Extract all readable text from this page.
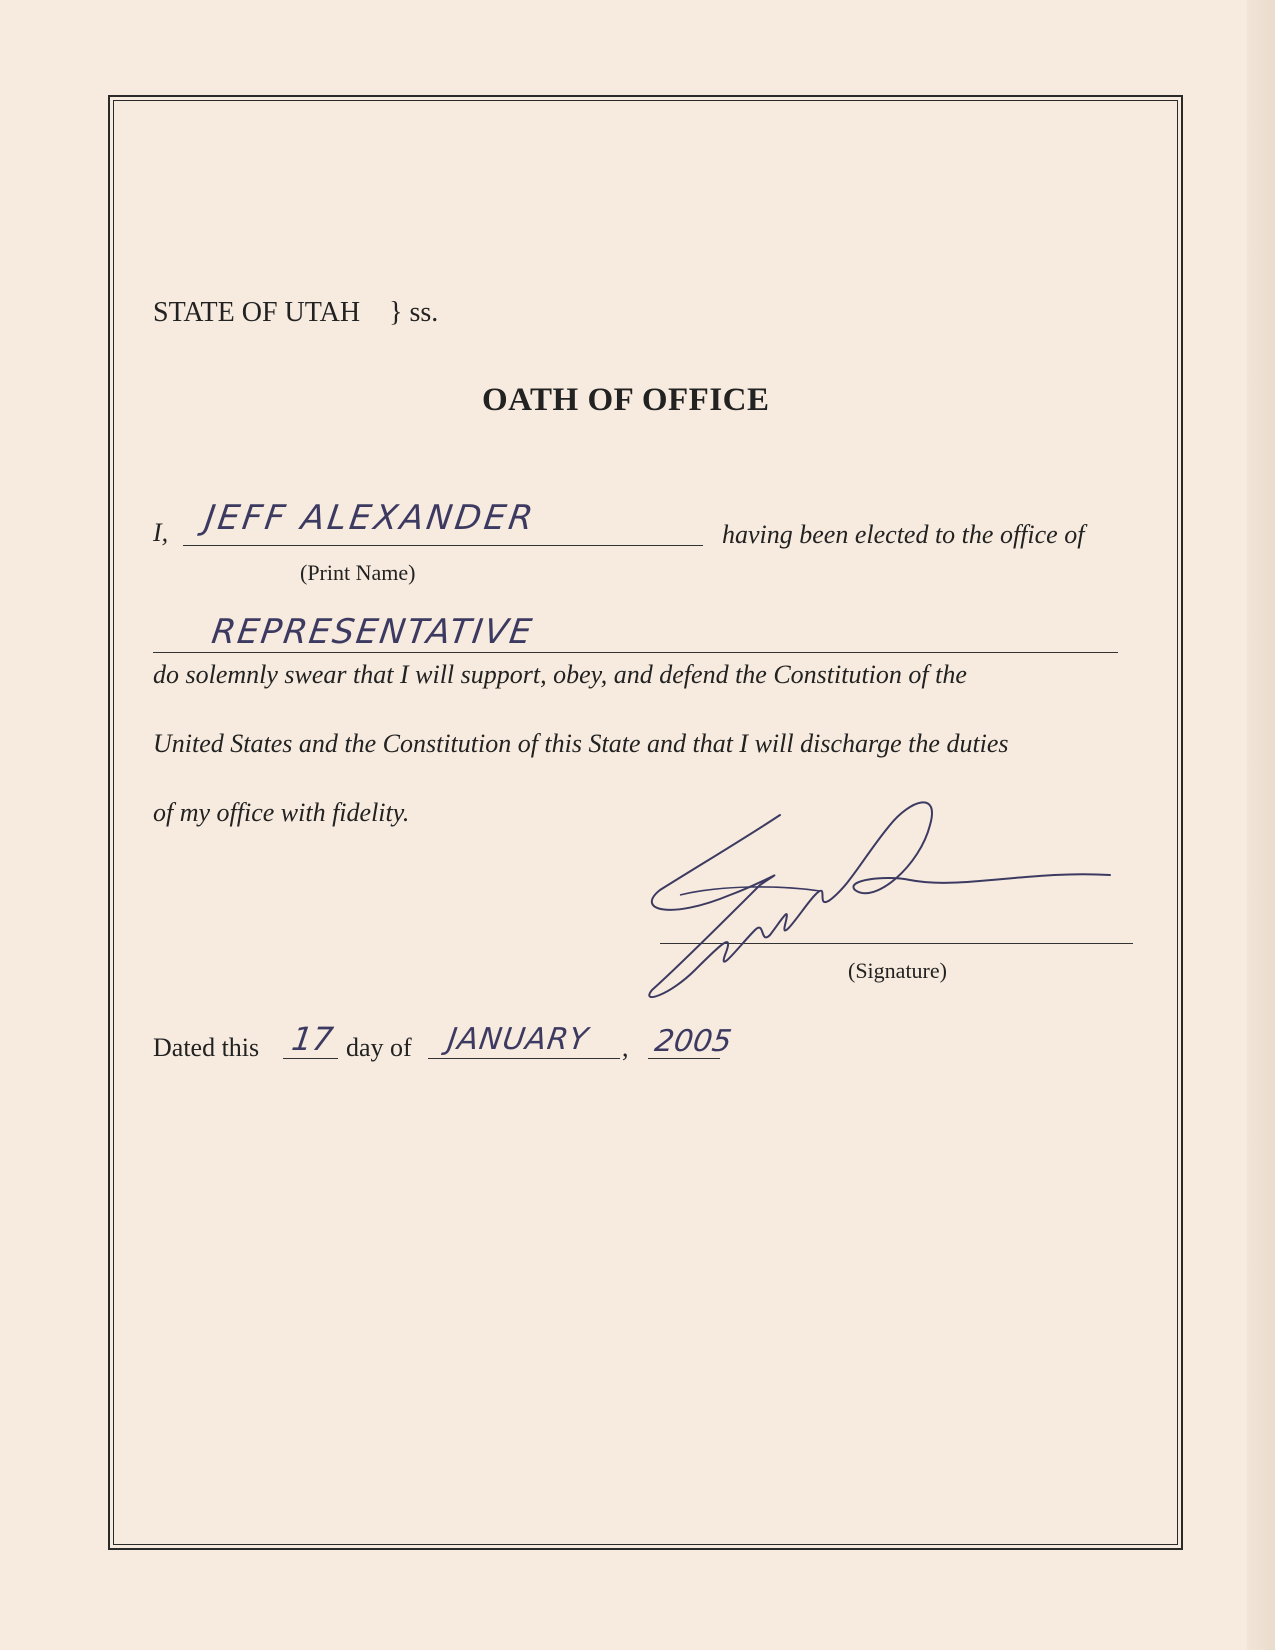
STATE OF UTAH } ss.
OATH OF OFFICE
I, JEFF ALEXANDER	having been elected to the office of
(Print Name)
REPRESENTATIVE
do solemnly swear that I will support, obey, and defend the Constitution of the
United States and the Constitution of this State and that I will discharge the duties
of my office with fidelity.
(Signature)
Dated this 17 day of JANUARY , 2005
